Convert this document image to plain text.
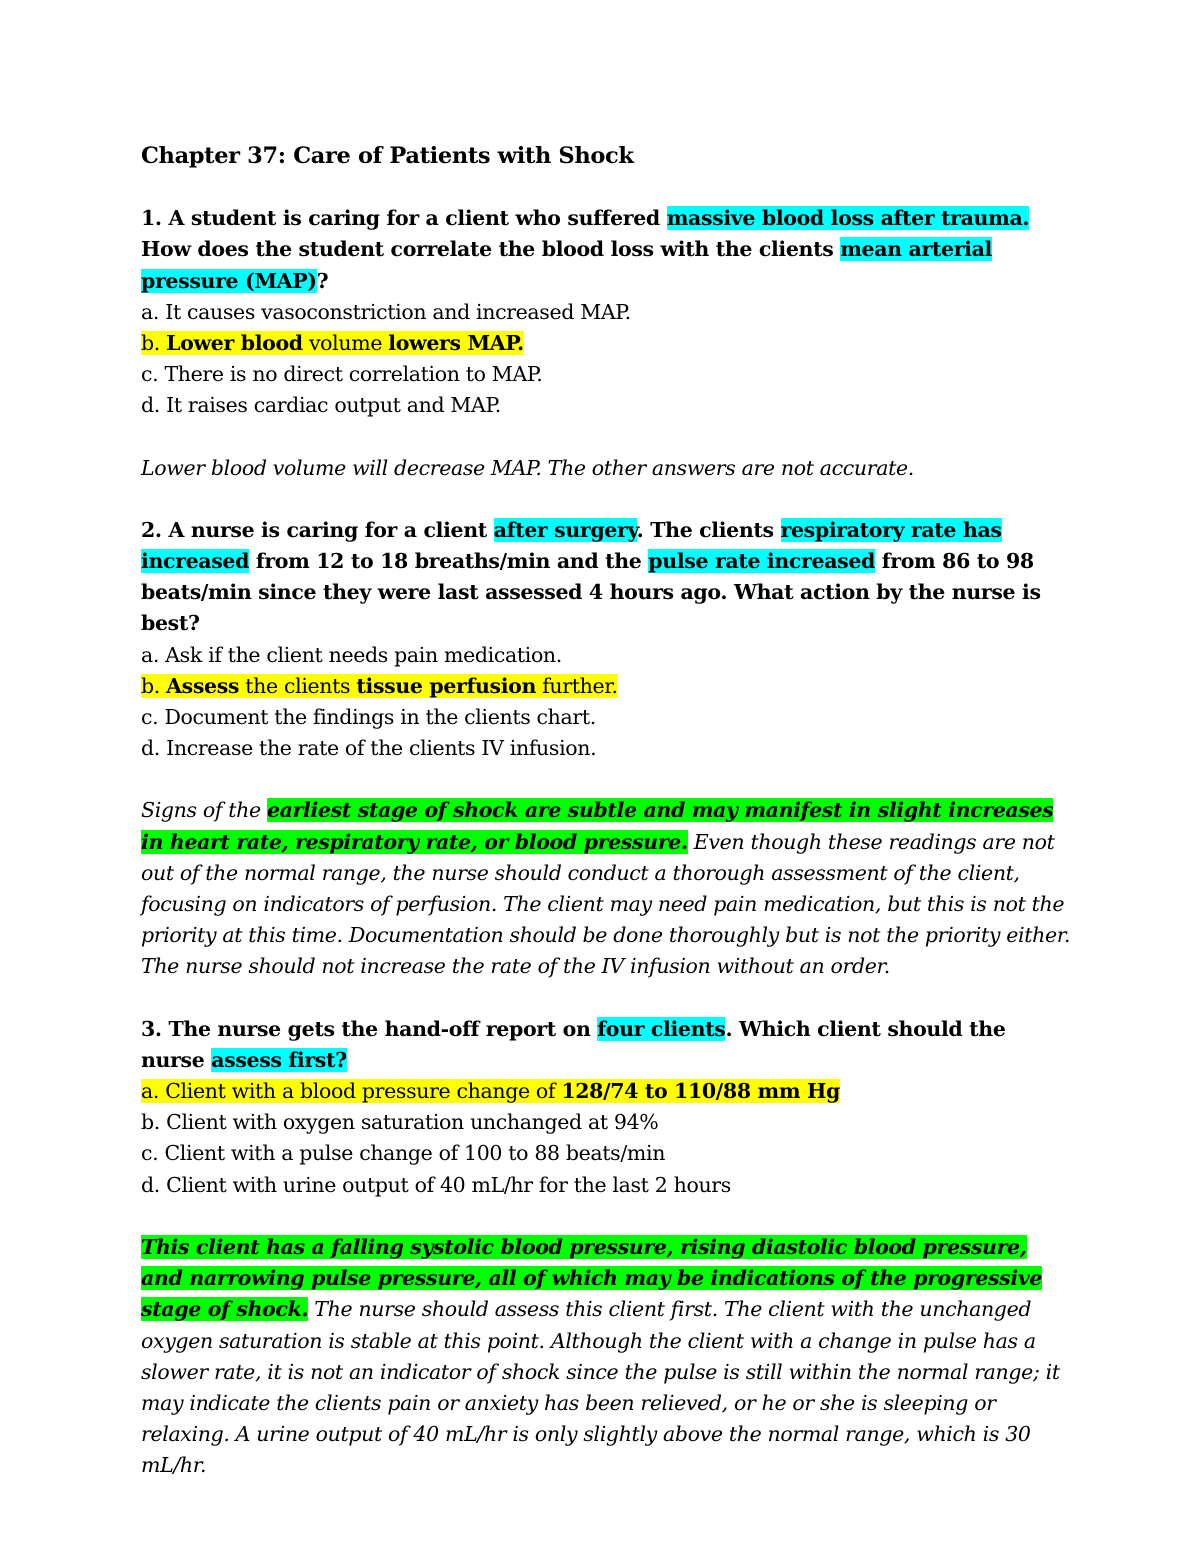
Chapter 37: Care of Patients with Shock

1. A student is caring for a client who suffered massive blood loss after trauma. How does the student correlate the blood loss with the clients mean arterial pressure (MAP)?

a. It causes vasoconstriction and increased MAP.
b. Lower blood volume lowers MAP.
c. There is no direct correlation to MAP.
d. It raises cardiac output and MAP.

Lower blood volume will decrease MAP. The other answers are not accurate.

2. A nurse is caring for a client after surgery. The clients respiratory rate has increased from 12 to 18 breaths/min and the pulse rate increased from 86 to 98 beats/min since they were last assessed 4 hours ago. What action by the nurse is best?

a. Ask if the client needs pain medication.
b. Assess the clients tissue perfusion further.
c. Document the findings in the clients chart.
d. Increase the rate of the clients IV infusion.

Signs of the earliest stage of shock are subtle and may manifest in slight increases in heart rate, respiratory rate, or blood pressure. Even though these readings are not out of the normal range, the nurse should conduct a thorough assessment of the client, focusing on indicators of perfusion. The client may need pain medication, but this is not the priority at this time. Documentation should be done thoroughly but is not the priority either. The nurse should not increase the rate of the IV infusion without an order.

3. The nurse gets the hand-off report on four clients. Which client should the nurse assess first?

a. Client with a blood pressure change of 128/74 to 110/88 mm Hg
b. Client with oxygen saturation unchanged at 94%
c. Client with a pulse change of 100 to 88 beats/min
d. Client with urine output of 40 mL/hr for the last 2 hours

This client has a falling systolic blood pressure, rising diastolic blood pressure, and narrowing pulse pressure, all of which may be indications of the progressive stage of shock. The nurse should assess this client first. The client with the unchanged oxygen saturation is stable at this point. Although the client with a change in pulse has a slower rate, it is not an indicator of shock since the pulse is still within the normal range; it may indicate the clients pain or anxiety has been relieved, or he or she is sleeping or relaxing. A urine output of 40 mL/hr is only slightly above the normal range, which is 30 mL/hr.
